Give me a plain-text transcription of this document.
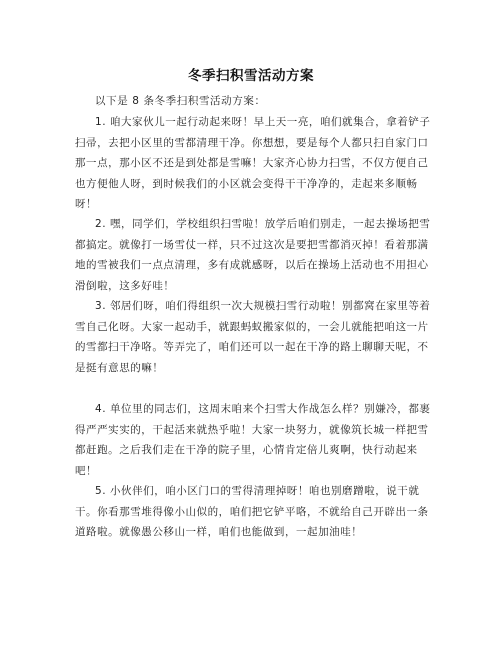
冬季扫积雪活动方案
以下是 8 条冬季扫积雪活动方案：

1. 咱大家伙儿一起行动起来呀！早上天一亮，咱们就集合，拿着铲子扫帚，去把小区里的雪都清理干净。你想想，要是每个人都只扫自家门口那一点，那小区不还是到处都是雪嘛！大家齐心协力扫雪，不仅方便自己也方便他人呀，到时候我们的小区就会变得干干净净的，走起来多顺畅呀！

2. 嘿，同学们，学校组织扫雪啦！放学后咱们别走，一起去操场把雪都搞定。就像打一场雪仗一样，只不过这次是要把雪都消灭掉！看着那满地的雪被我们一点点清理，多有成就感呀，以后在操场上活动也不用担心滑倒啦，这多好哇！

3. 邻居们呀，咱们得组织一次大规模扫雪行动啦！别都窝在家里等着雪自己化呀。大家一起动手，就跟蚂蚁搬家似的，一会儿就能把咱这一片的雪都扫干净咯。等弄完了，咱们还可以一起在干净的路上聊聊天呢，不是挺有意思的嘛！

4. 单位里的同志们，这周末咱来个扫雪大作战怎么样？别嫌冷，都裹得严严实实的，干起活来就热乎啦！大家一块努力，就像筑长城一样把雪都赶跑。之后我们走在干净的院子里，心情肯定倍儿爽啊，快行动起来吧！

5. 小伙伴们，咱小区门口的雪得清理掉呀！咱也别磨蹭啦，说干就干。你看那雪堆得像小山似的，咱们把它铲平咯，不就给自己开辟出一条道路啦。就像愚公移山一样，咱们也能做到，一起加油哇！
